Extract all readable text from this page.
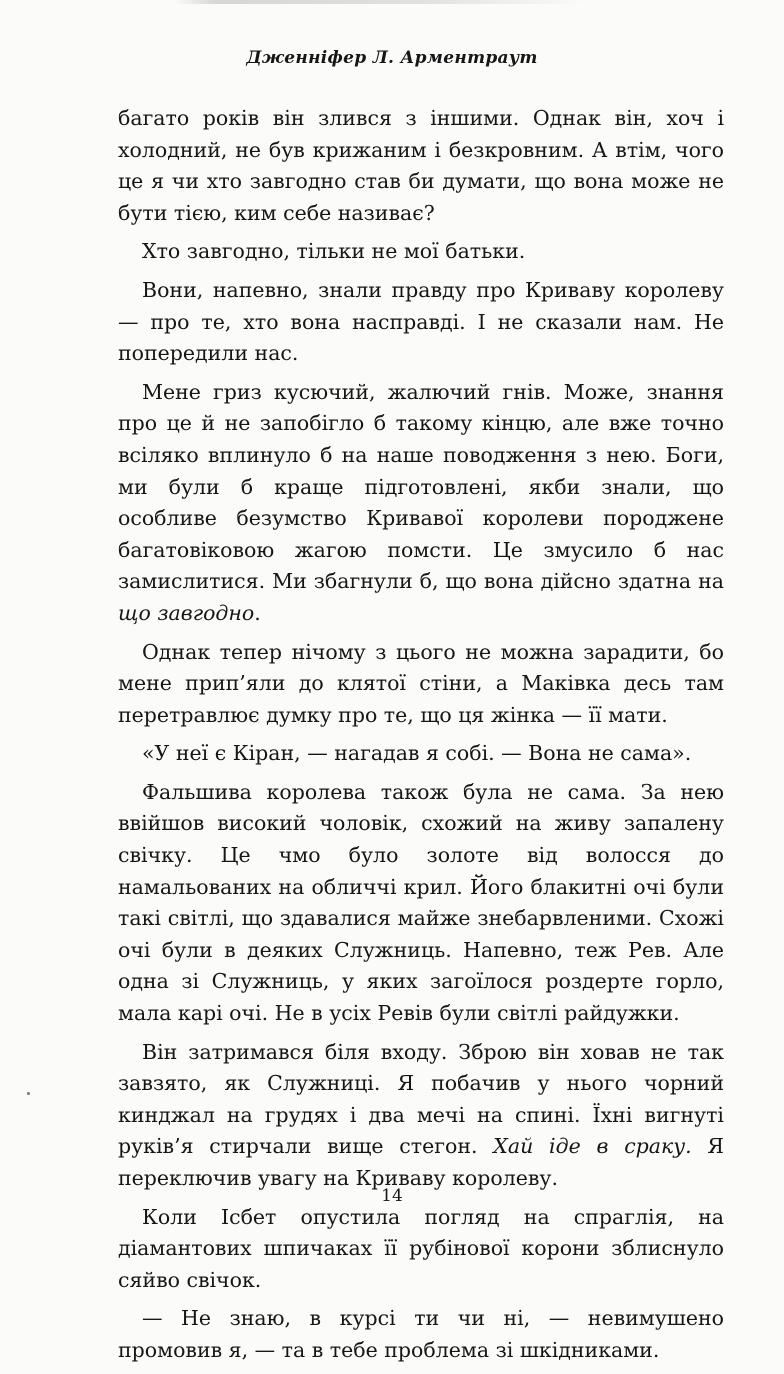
Дженніфер Л. Арментраут

багато років він злився з іншими. Однак він, хоч і холодний, не був крижаним і безкровним. А втім, чого це я чи хто завгодно став би думати, що вона може не бути тією, ким себе називає?

Хто завгодно, тільки не мої батьки.

Вони, напевно, знали правду про Криваву королеву — про те, хто вона насправді. І не сказали нам. Не попередили нас.

Мене гриз кусючий, жалючий гнів. Може, знання про це й не запобігло б такому кінцю, але вже точно всіляко вплинуло б на наше поводження з нею. Боги, ми були б краще підготовлені, якби знали, що особливе безумство Кривавої королеви породжене багатовіковою жагою помсти. Це змусило б нас замислитися. Ми збагнули б, що вона дійсно здатна на що завгодно.

Однак тепер нічому з цього не можна зарадити, бо мене прип’яли до клятої стіни, а Маківка десь там перетравлює думку про те, що ця жінка — її мати.

«У неї є Кіран, — нагадав я собі. — Вона не сама».

Фальшива королева також була не сама. За нею ввійшов високий чоловік, схожий на живу запалену свічку. Це чмо було золоте від волосся до намальованих на обличчі крил. Його блакитні очі були такі світлі, що здавалися майже знебарвленими. Схожі очі були в деяких Служниць. Напевно, теж Рев. Але одна зі Служниць, у яких загоїлося роздерте горло, мала карі очі. Не в усіх Ревів були світлі райдужки.

Він затримався біля входу. Зброю він ховав не так завзято, як Служниці. Я побачив у нього чорний кинджал на грудях і два мечі на спині. Їхні вигнуті руків’я стирчали вище стегон. Хай іде в сраку. Я переключив увагу на Криваву королеву.

Коли Ісбет опустила погляд на спраглія, на діамантових шпичаках її рубінової корони зблиснуло сяйво свічок.

— Не знаю, в курсі ти чи ні, — невимушено промовив я, — та в тебе проблема зі шкідниками.

14
